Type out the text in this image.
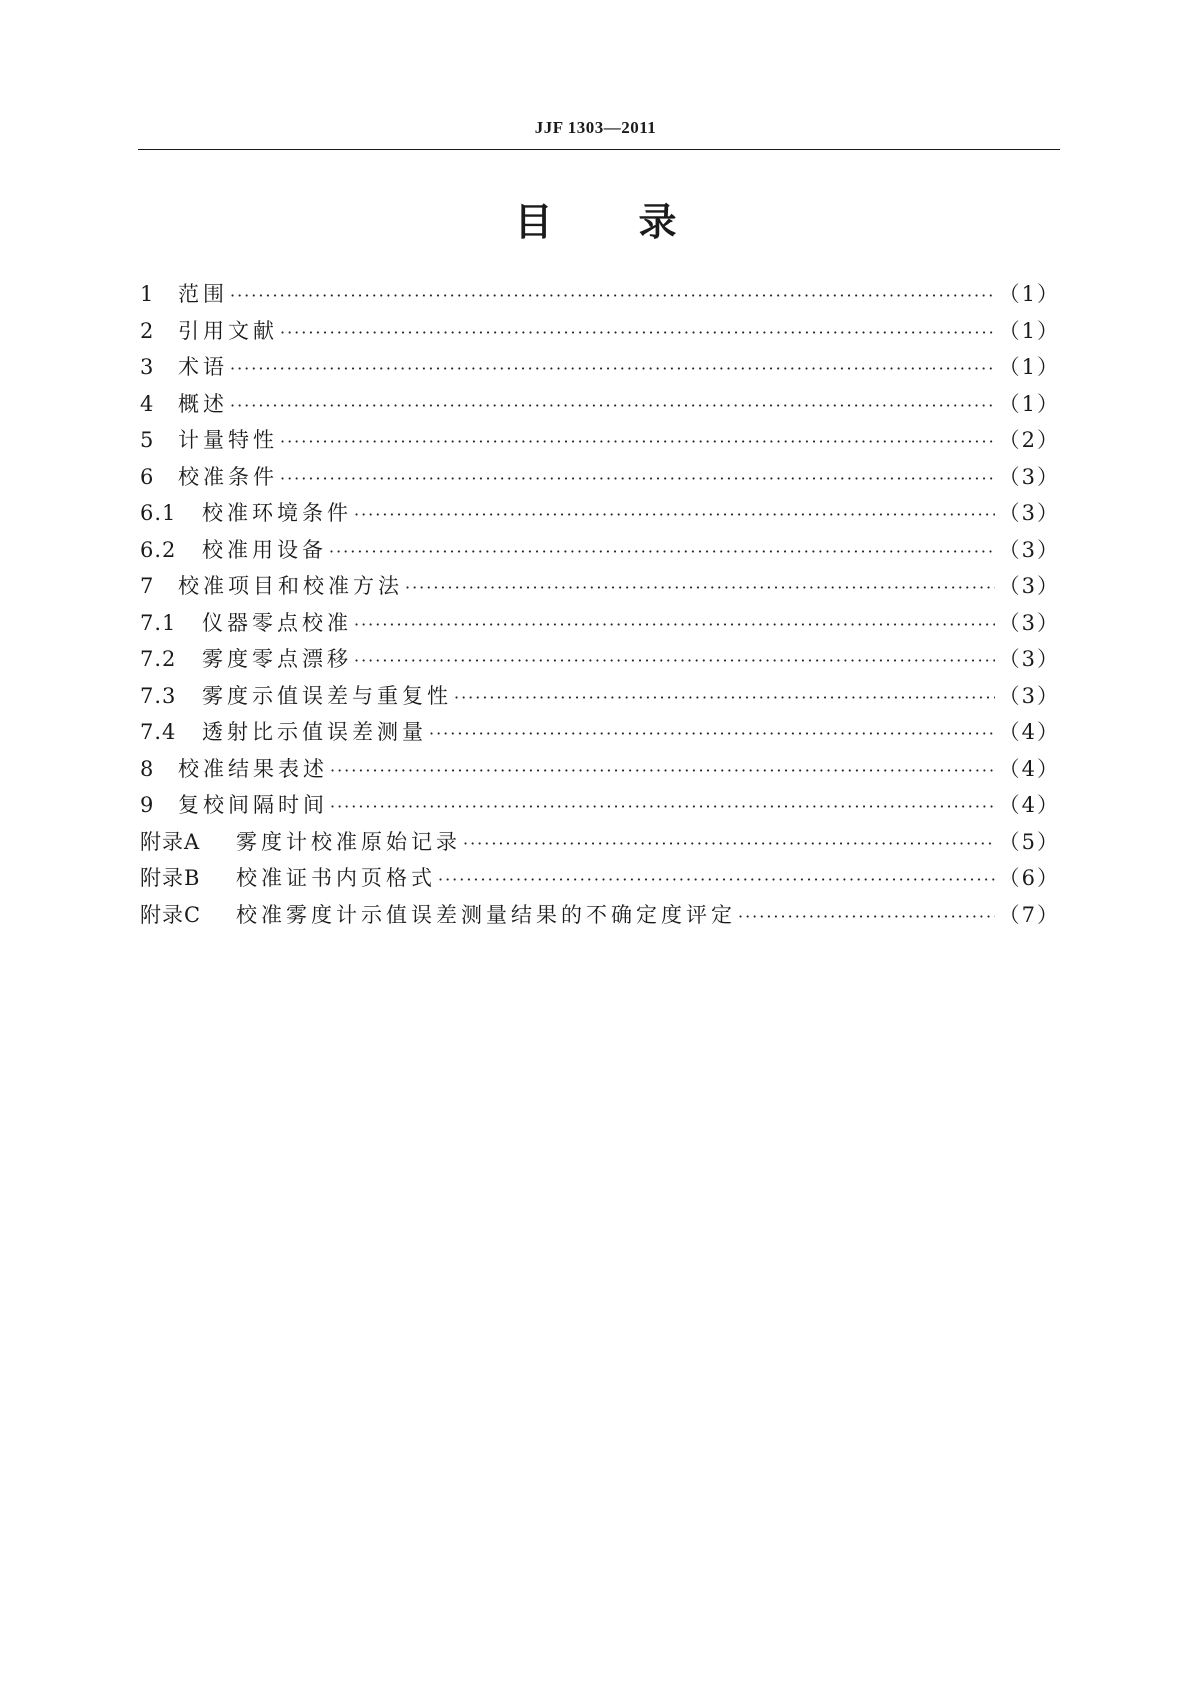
JJF 1303—2011
目 录
1	范围 ·····	（1）
2	引用文献 ·····	（1）
3	术语 ·····	（1）
4	概述 ·····	（1）
5	计量特性 ·····	（2）
6	校准条件 ·····	（3）
6.1	校准环境条件 ·····	（3）
6.2	校准用设备 ·····	（3）
7	校准项目和校准方法 ·····	（3）
7.1	仪器零点校准 ·····	（3）
7.2	雾度零点漂移 ·····	（3）
7.3	雾度示值误差与重复性 ·····	（3）
7.4	透射比示值误差测量 ·····	（4）
8	校准结果表述 ·····	（4）
9	复校间隔时间 ·····	（4）
附录A	雾度计校准原始记录 ·····	（5）
附录B	校准证书内页格式 ·····	（6）
附录C	校准雾度计示值误差测量结果的不确定度评定 ·····	（7）
